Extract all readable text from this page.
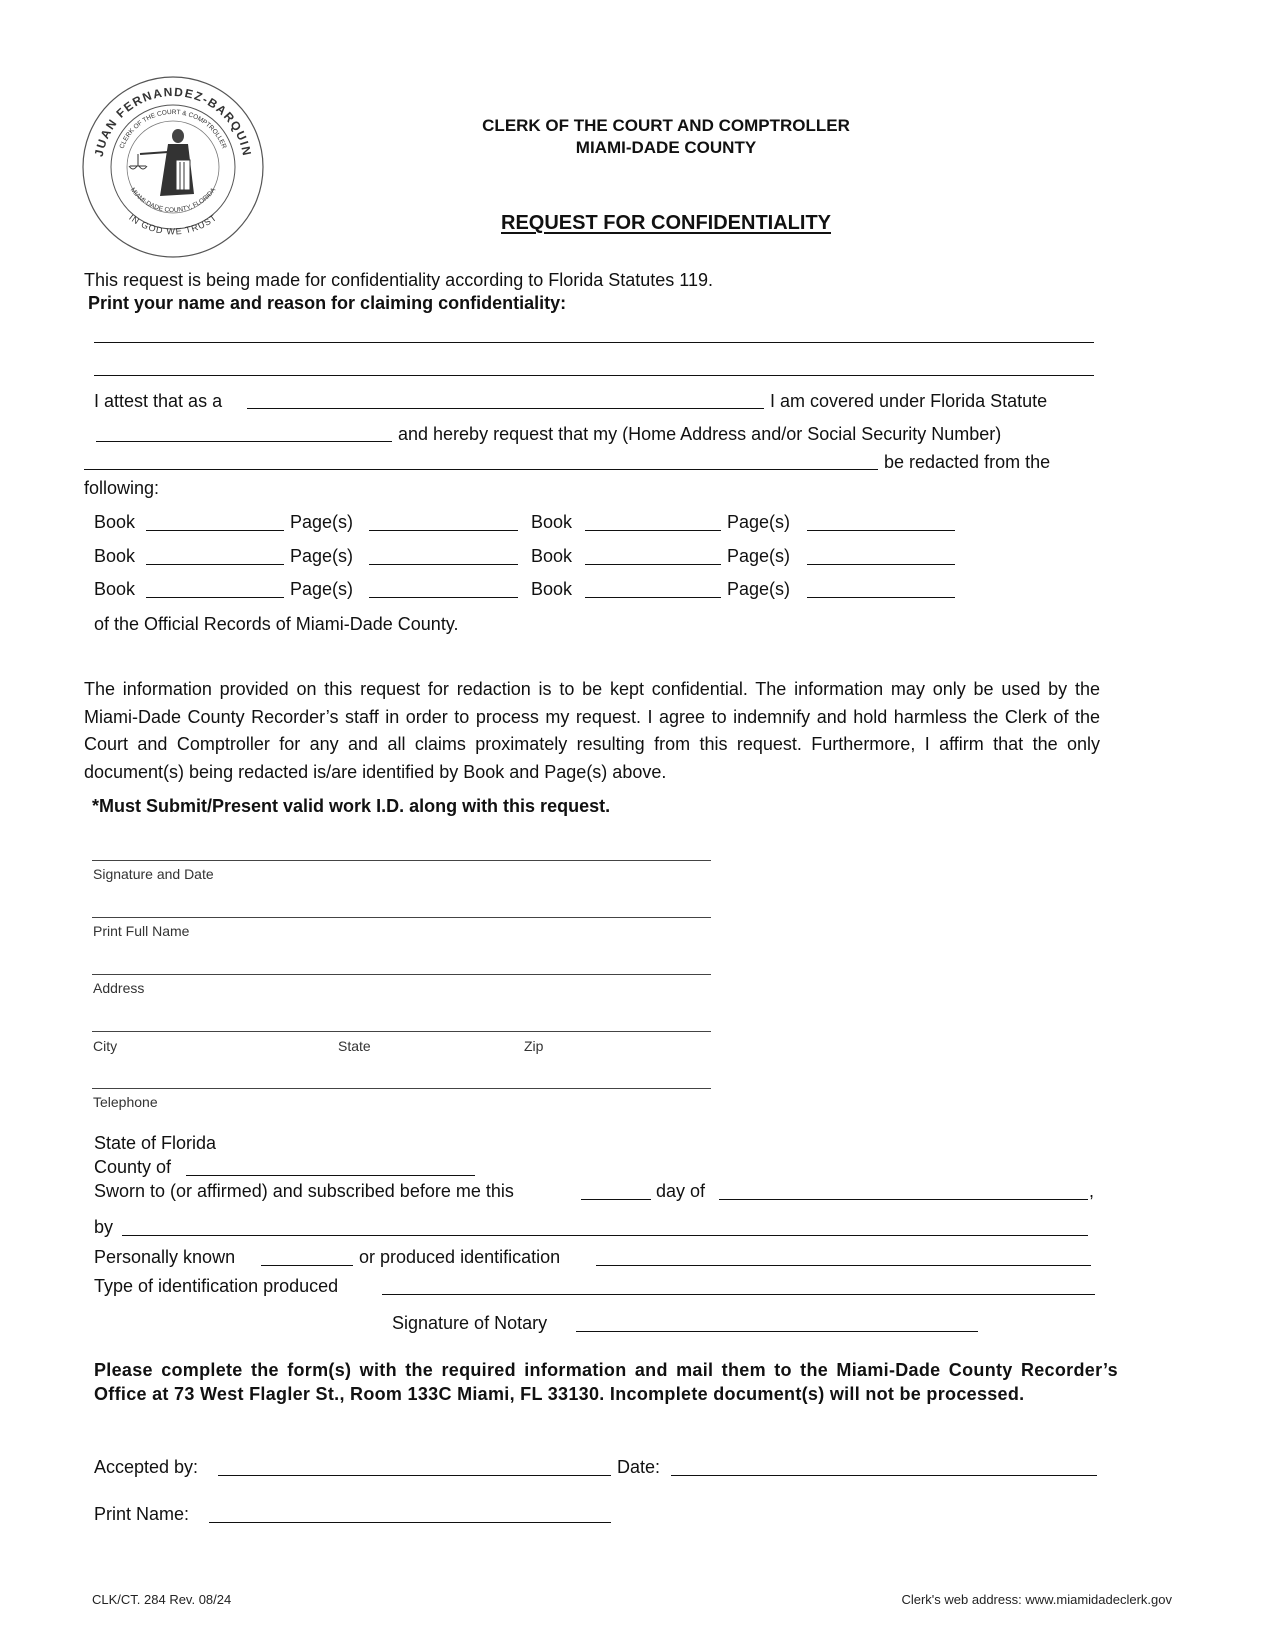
JUAN FERNANDEZ-BARQUIN
CLERK OF THE COURT & COMPTROLLER
MIAMI-DADE COUNTY, FLORIDA
IN GOD WE TRUST
CLERK OF THE COURT AND COMPTROLLER
MIAMI-DADE COUNTY
REQUEST FOR CONFIDENTIALITY
This request is being made for confidentiality according to Florida Statutes 119.
Print your name and reason for claiming confidentiality:
I attest that as a	I am covered under Florida Statute
and hereby request that my (Home Address and/or Social Security Number)
be redacted from the
following:
Book	Page(s)	Book	Page(s)
Book	Page(s)	Book	Page(s)
Book	Page(s)	Book	Page(s)
of the Official Records of Miami-Dade County.
The information provided on this request for redaction is to be kept confidential. The information may only be used by the Miami-Dade County Recorder’s staff in order to process my request. I agree to indemnify and hold harmless the Clerk of the Court and Comptroller for any and all claims proximately resulting from this request. Furthermore, I affirm that the only document(s) being redacted is/are identified by Book and Page(s) above.
*Must Submit/Present valid work I.D. along with this request.
Signature and Date
Print Full Name
Address
City	State	Zip
Telephone
State of Florida
County of
Sworn to (or affirmed) and subscribed before me this	day of	,
by
Personally known	or produced identification
Type of identification produced
Signature of Notary
Please complete the form(s) with the required information and mail them to the Miami-Dade County Recorder’s Office at 73 West Flagler St., Room 133C Miami, FL 33130. Incomplete document(s) will not be processed.
Accepted by:	Date:
Print Name:
CLK/CT. 284 Rev. 08/24	Clerk's web address: www.miamidadeclerk.gov
